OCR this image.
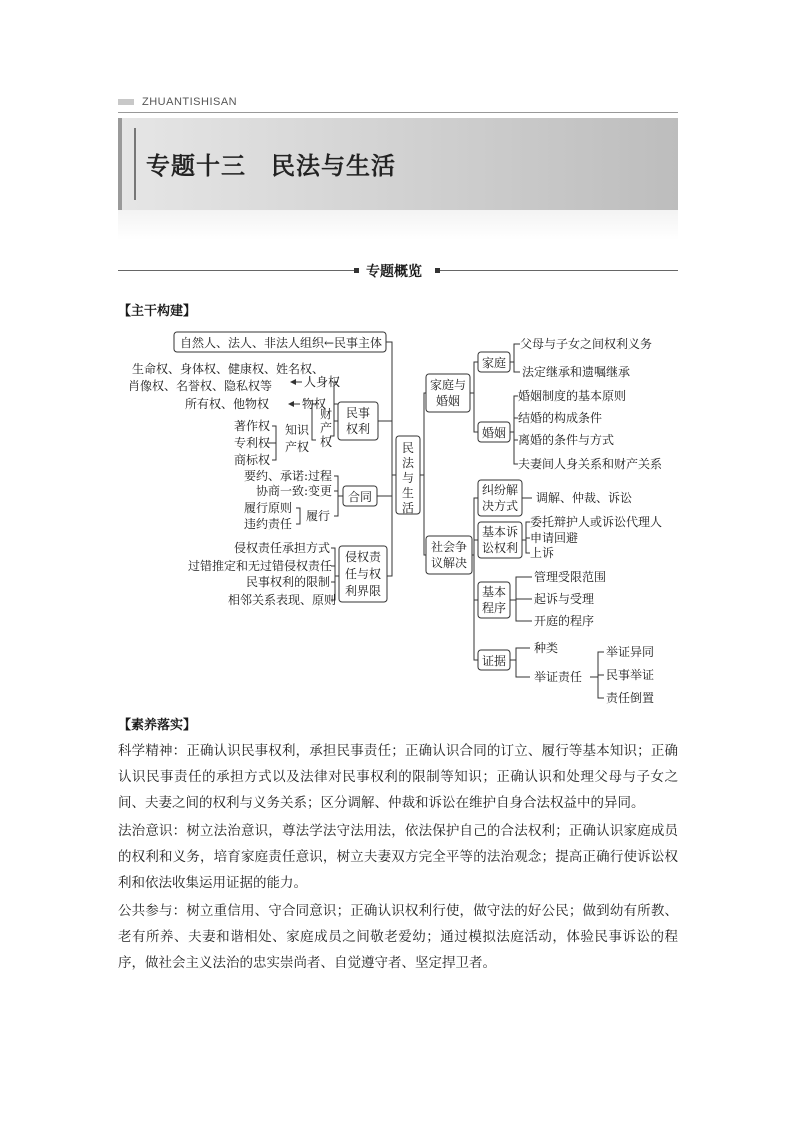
ZHUANTISHISAN
专题十三　民法与生活
专题概览
【主干构建】
民
法
与
生
活
自然人、法人、非法人组织←民事主体
民事
权利
人身权
生命权、身体权、健康权、姓名权、
肖像权、名誉权、隐私权等
所有权、他物权	物权
财
产
权
知识
产权
著作权
专利权
商标权
合同
要约、承诺:过程
协商一致:变更
履行
履行原则
违约责任
侵权责
任与权
利界限
侵权责任承担方式
过错推定和无过错侵权责任
民事权利的限制
相邻关系表现、原则
家庭与
婚姻
家庭
父母与子女之间权利义务
法定继承和遗嘱继承
婚姻
婚姻制度的基本原则
结婚的构成条件
离婚的条件与方式
夫妻间人身关系和财产关系
社会争
议解决
纠纷解
决方式
调解、仲裁、诉讼
基本诉
讼权利
委托辩护人或诉讼代理人
申请回避
上诉
基本
程序
管理受限范围
起诉与受理
开庭的程序
证据
种类
举证责任
举证异同
民事举证
责任倒置
【素养落实】
科学精神：正确认识民事权利，承担民事责任；正确认识合同的订立、履行等基本知识；正确认识民事责任的承担方式以及法律对民事权利的限制等知识；正确认识和处理父母与子女之间、夫妻之间的权利与义务关系；区分调解、仲裁和诉讼在维护自身合法权益中的异同。
法治意识：树立法治意识，尊法学法守法用法，依法保护自己的合法权利；正确认识家庭成员的权利和义务，培育家庭责任意识，树立夫妻双方完全平等的法治观念；提高正确行使诉讼权利和依法收集运用证据的能力。
公共参与：树立重信用、守合同意识；正确认识权利行使，做守法的好公民；做到幼有所教、老有所养、夫妻和谐相处、家庭成员之间敬老爱幼；通过模拟法庭活动，体验民事诉讼的程序，做社会主义法治的忠实崇尚者、自觉遵守者、坚定捍卫者。
